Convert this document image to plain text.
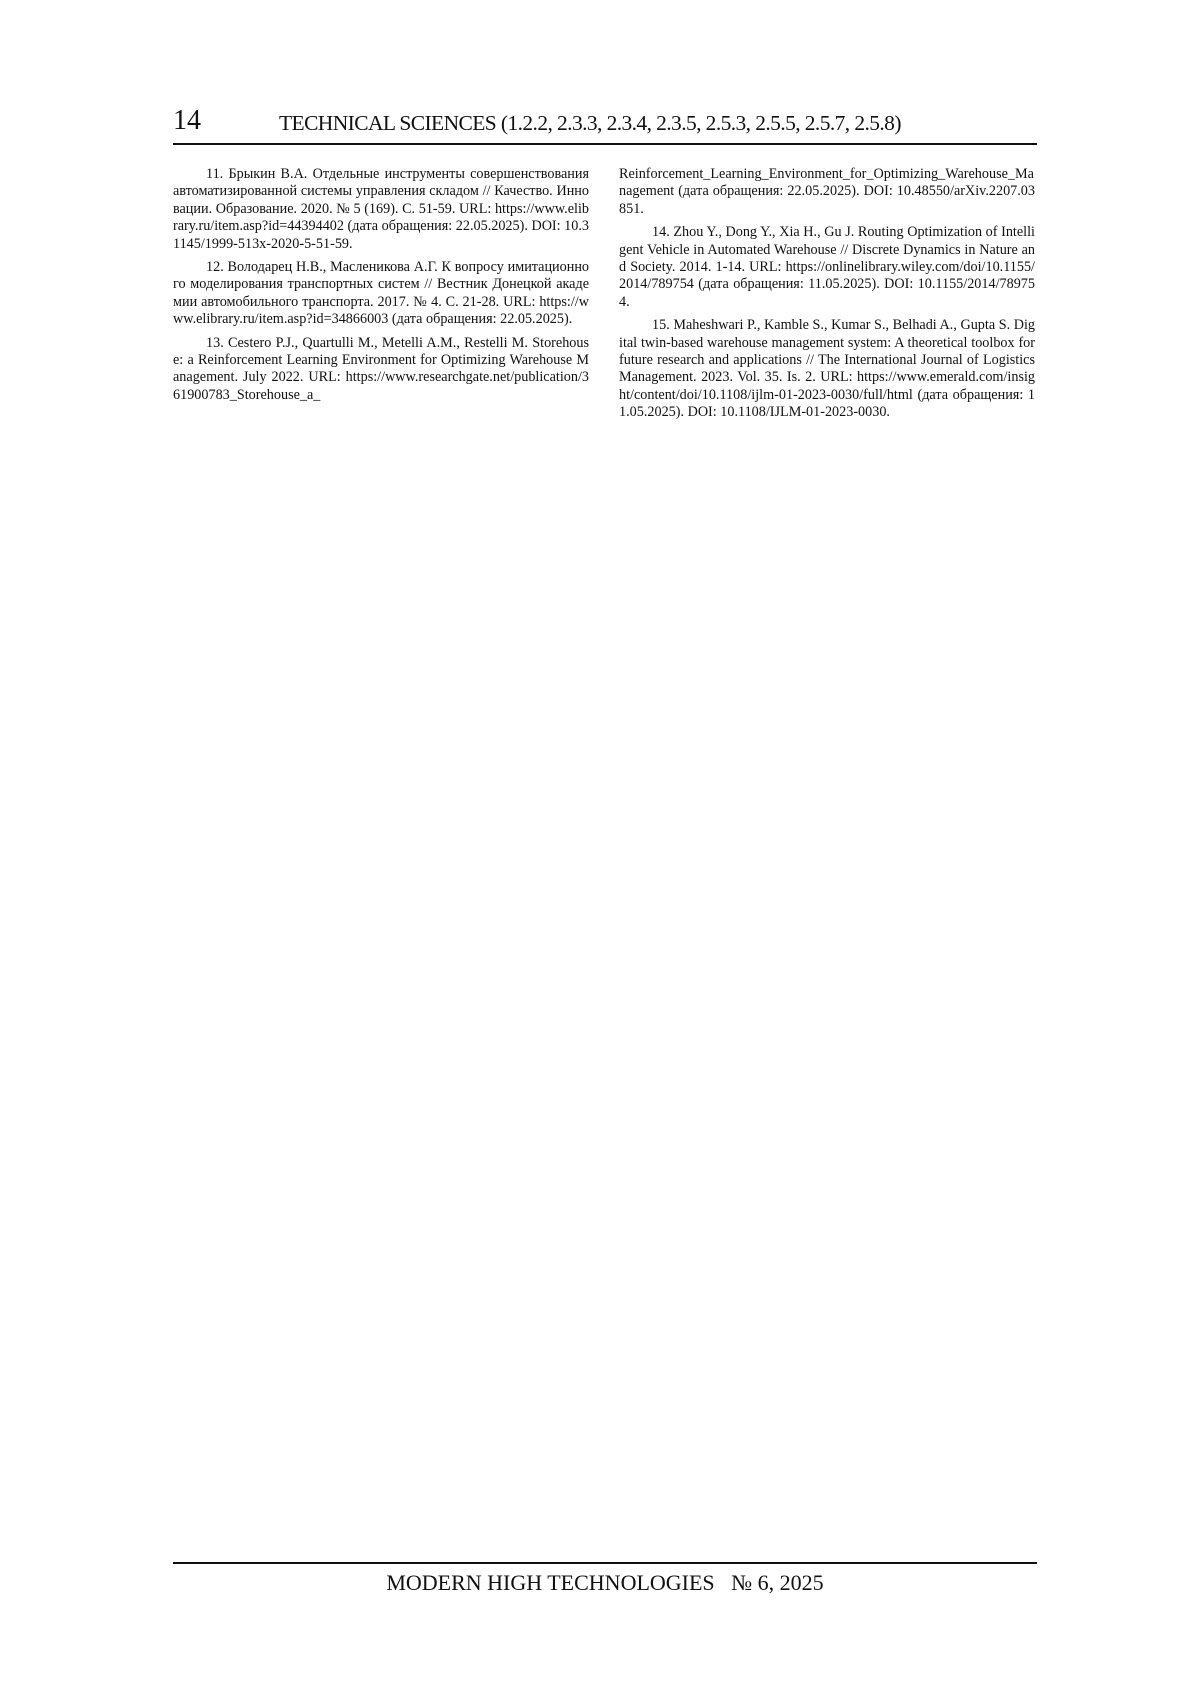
14	TECHNICAL SCIENCES (1.2.2, 2.3.3, 2.3.4, 2.3.5, 2.5.3, 2.5.5, 2.5.7, 2.5.8)

11. Брыкин В.А. Отдельные инструменты совершенствования автоматизированной системы управления складом // Качество. Инновации. Образование. 2020. № 5 (169). С. 51-59. URL: https://www.elibrary.ru/item.asp?id=44394402 (дата обращения: 22.05.2025). DOI: 10.31145/1999-513x-2020-5-51-59.

12. Володарец Н.В., Масленикова А.Г. К вопросу имитационного моделирования транспортных систем // Вестник Донецкой академии автомобильного транспорта. 2017. № 4. С. 21-28. URL: https://www.elibrary.ru/item.asp?id=34866003 (дата обращения: 22.05.2025).

13. Cestero P.J., Quartulli M., Metelli A.M., Restelli M. Storehouse: a Reinforcement Learning Environment for Optimizing Warehouse Management. July 2022. URL: https://www.researchgate.net/publication/361900783_Storehouse_a_

Reinforcement_Learning_Environment_for_Optimizing_Warehouse_Management (дата обращения: 22.05.2025). DOI: 10.48550/arXiv.2207.03851.

14. Zhou Y., Dong Y., Xia H., Gu J. Routing Optimization of Intelligent Vehicle in Automated Warehouse // Discrete Dynamics in Nature and Society. 2014. 1-14. URL: https://onlinelibrary.wiley.com/doi/10.1155/2014/789754 (дата обращения: 11.05.2025). DOI: 10.1155/2014/789754.

15. Maheshwari P., Kamble S., Kumar S., Belhadi A., Gupta S. Digital twin-based warehouse management system: A theoretical toolbox for future research and applications // The International Journal of Logistics Management. 2023. Vol. 35. Is. 2. URL: https://www.emerald.com/insight/content/doi/10.1108/ijlm-01-2023-0030/full/html (дата обращения: 11.05.2025). DOI: 10.1108/IJLM-01-2023-0030.

MODERN HIGH TECHNOLOGIES № 6, 2025
